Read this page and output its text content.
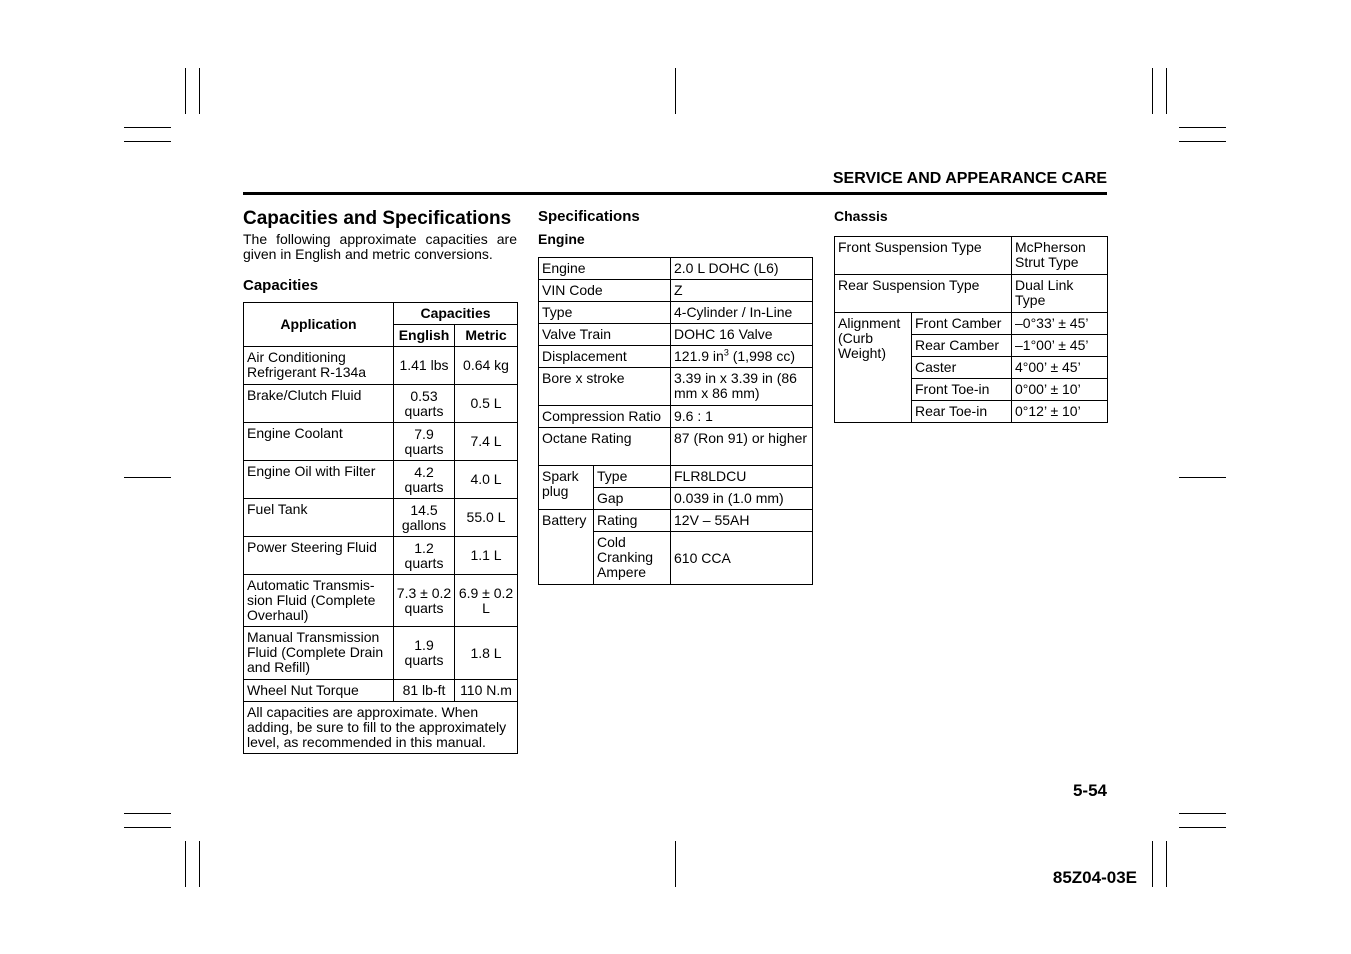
SERVICE AND APPEARANCE CARE
Capacities and Specifications

The following approximate capacities are

given in English and metric conversions.

Capacities
Application	Capacities	
	English	Metric
Air Conditioning Refrigerant R-134a	1.41 lbs	0.64 kg
Brake/Clutch Fluid	0.53 quarts	0.5 L
Engine Coolant	7.9 quarts	7.4 L
Engine Oil with Filter	4.2 quarts	4.0 L
Fuel Tank	14.5 gallons	55.0 L
Power Steering Fluid	1.2 quarts	1.1 L
Automatic Transmis- sion Fluid (Complete Overhaul)	7.3 ± 0.2 quarts	6.9 ± 0.2 L
Manual Transmission Fluid (Complete Drain and Refill)	1.9 quarts	1.8 L
Wheel Nut Torque	81 lb-ft	110 N.m
All capacities are approximate. When adding, be sure to fill to the approximately level, as recommended in this manual.		
Specifications
Engine
Engine		2.0 L DOHC (L6)
VIN Code		Z
Type		4-Cylinder / In-Line
Valve Train		DOHC 16 Valve
Displacement		121.9 $in^3$ (1,998 cc)
Bore x stroke		3.39 in x 3.39 in (86 mm x 86 mm)
Compression Ratio		9.6 : 1
Octane Rating		87 (Ron 91) or higher
Spark plug	Type	FLR8LDCU
	Gap	0.039 in (1.0 mm)
Battery	Rating	12V – 55AH
	Cold Cranking Ampere	610 CCA
Chassis
Front Suspension Type		McPherson Strut Type
Rear Suspension Type		Dual Link Type
Alignment (Curb Weight)	Front Camber	–0°33’ ± 45’
	Rear Camber	–1°00’ ± 45’
	Caster	4°00’ ± 45’
	Front Toe-in	0°00’ ± 10’
	Rear Toe-in	0°12’ ± 10’
5-54
85Z04-03E
